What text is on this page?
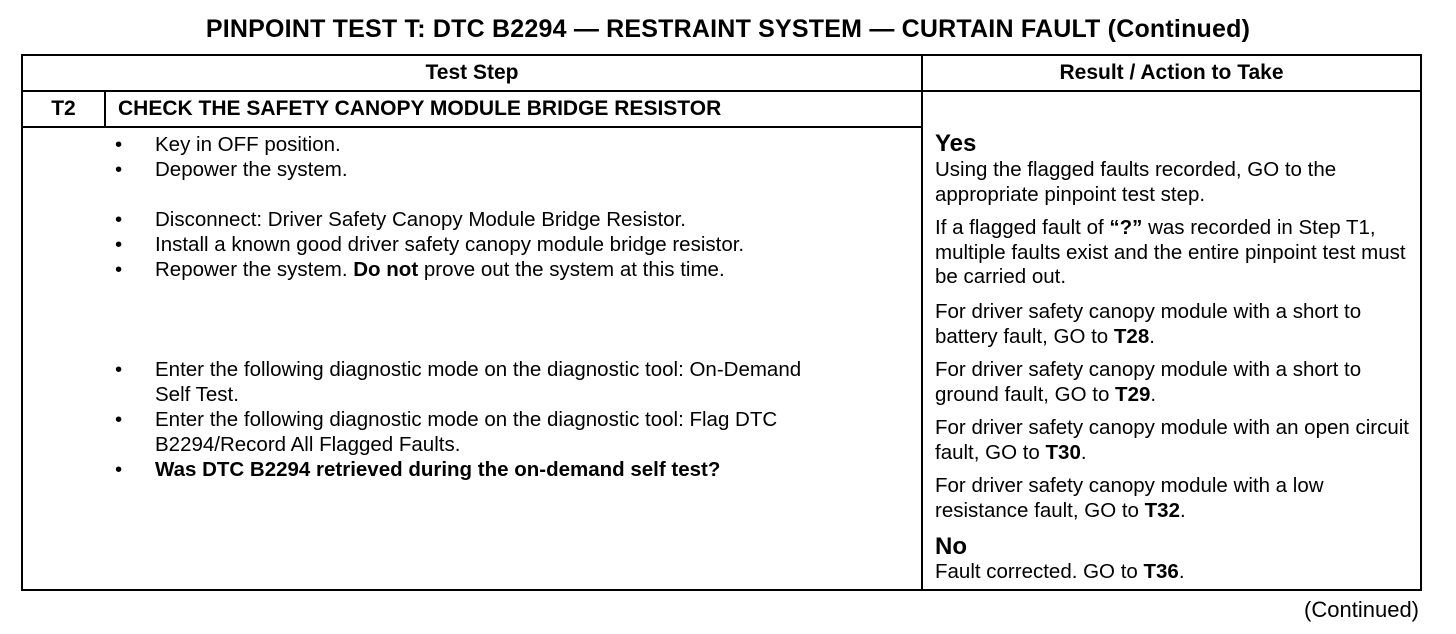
PINPOINT TEST T: DTC B2294 — RESTRAINT SYSTEM — CURTAIN FAULT (Continued)
Test Step	Result / Action to Take
T2	CHECK THE SAFETY CANOPY MODULE BRIDGE RESISTOR
• Key in OFF position.
• Depower the system.
• Disconnect: Driver Safety Canopy Module Bridge Resistor.
• Install a known good driver safety canopy module bridge resistor.
• Repower the system. Do not prove out the system at this time.
• Enter the following diagnostic mode on the diagnostic tool: On-Demand Self Test.
• Enter the following diagnostic mode on the diagnostic tool: Flag DTC B2294/Record All Flagged Faults.
• Was DTC B2294 retrieved during the on-demand self test?
Yes
Using the flagged faults recorded, GO to the appropriate pinpoint test step.
If a flagged fault of “?” was recorded in Step T1, multiple faults exist and the entire pinpoint test must be carried out.
For driver safety canopy module with a short to battery fault, GO to T28.
For driver safety canopy module with a short to ground fault, GO to T29.
For driver safety canopy module with an open circuit fault, GO to T30.
For driver safety canopy module with a low resistance fault, GO to T32.
No
Fault corrected. GO to T36.
(Continued)
